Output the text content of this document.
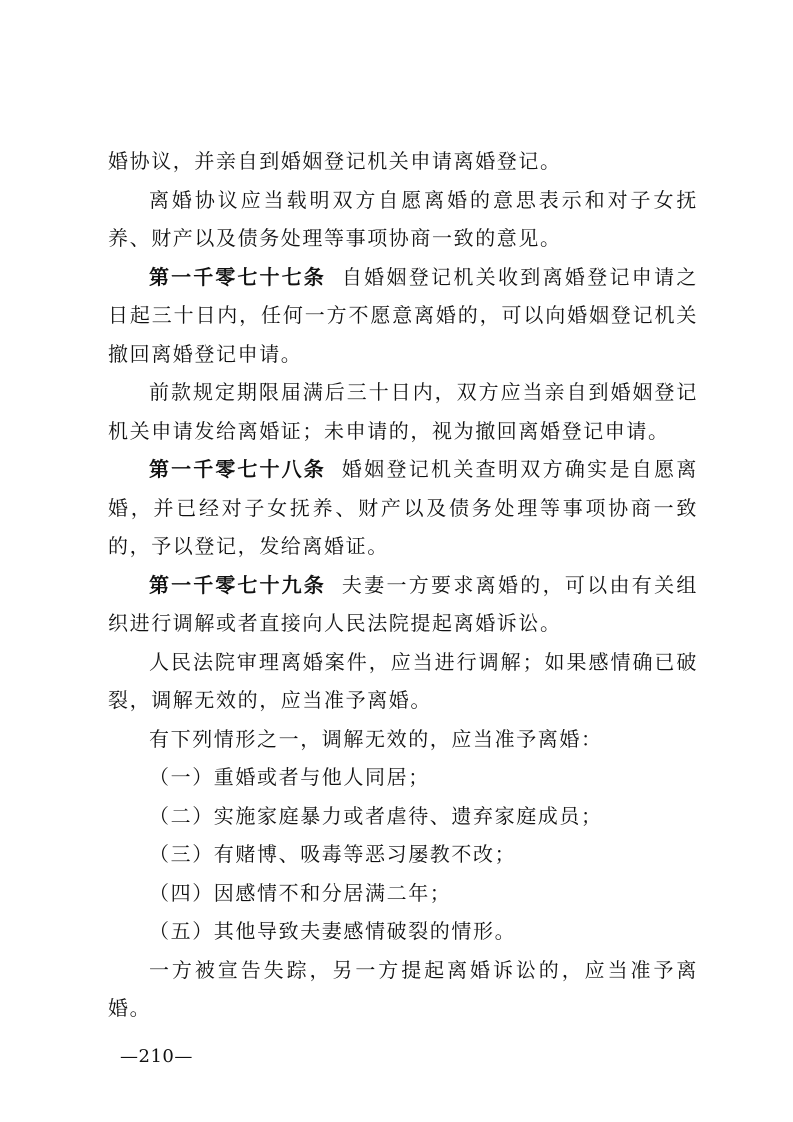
婚协议，并亲自到婚姻登记机关申请离婚登记。

离婚协议应当载明双方自愿离婚的意思表示和对子女抚养、财产以及债务处理等事项协商一致的意见。

第一千零七十七条 自婚姻登记机关收到离婚登记申请之日起三十日内，任何一方不愿意离婚的，可以向婚姻登记机关撤回离婚登记申请。

前款规定期限届满后三十日内，双方应当亲自到婚姻登记机关申请发给离婚证；未申请的，视为撤回离婚登记申请。

第一千零七十八条 婚姻登记机关查明双方确实是自愿离婚，并已经对子女抚养、财产以及债务处理等事项协商一致的，予以登记，发给离婚证。

第一千零七十九条 夫妻一方要求离婚的，可以由有关组织进行调解或者直接向人民法院提起离婚诉讼。

人民法院审理离婚案件，应当进行调解；如果感情确已破裂，调解无效的，应当准予离婚。

有下列情形之一，调解无效的，应当准予离婚：

（一）重婚或者与他人同居；

（二）实施家庭暴力或者虐待、遗弃家庭成员；

（三）有赌博、吸毒等恶习屡教不改；

（四）因感情不和分居满二年；

（五）其他导致夫妻感情破裂的情形。

一方被宣告失踪，另一方提起离婚诉讼的，应当准予离婚。

—210—
